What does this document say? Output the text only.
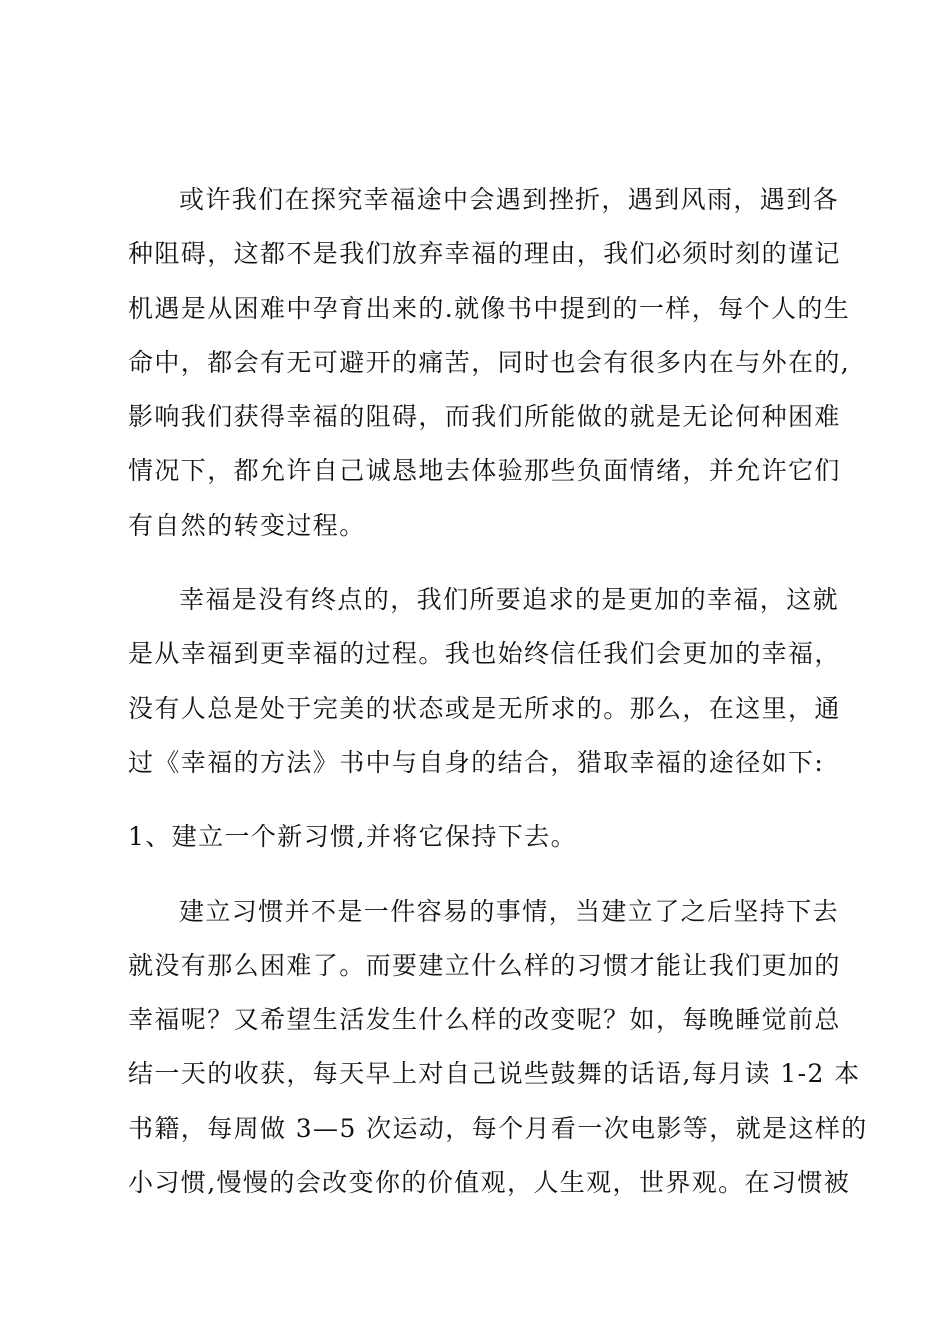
或许我们在探究幸福途中会遇到挫折，遇到风雨，遇到各
种阻碍，这都不是我们放弃幸福的理由，我们必须时刻的谨记
机遇是从困难中孕育出来的.就像书中提到的一样，每个人的生
命中，都会有无可避开的痛苦，同时也会有很多内在与外在的,
影响我们获得幸福的阻碍，而我们所能做的就是无论何种困难
情况下，都允许自己诚恳地去体验那些负面情绪，并允许它们
有自然的转变过程。
幸福是没有终点的，我们所要追求的是更加的幸福，这就
是从幸福到更幸福的过程。我也始终信任我们会更加的幸福，
没有人总是处于完美的状态或是无所求的。那么，在这里，通
过《幸福的方法》书中与自身的结合，猎取幸福的途径如下:
1、建立一个新习惯,并将它保持下去。
建立习惯并不是一件容易的事情，当建立了之后坚持下去
就没有那么困难了。而要建立什么样的习惯才能让我们更加的
幸福呢？又希望生活发生什么样的改变呢？如，每晚睡觉前总
结一天的收获，每天早上对自己说些鼓舞的话语,每月读 1-2 本
书籍，每周做 3—5 次运动，每个月看一次电影等，就是这样的
小习惯,慢慢的会改变你的价值观，人生观，世界观。在习惯被
